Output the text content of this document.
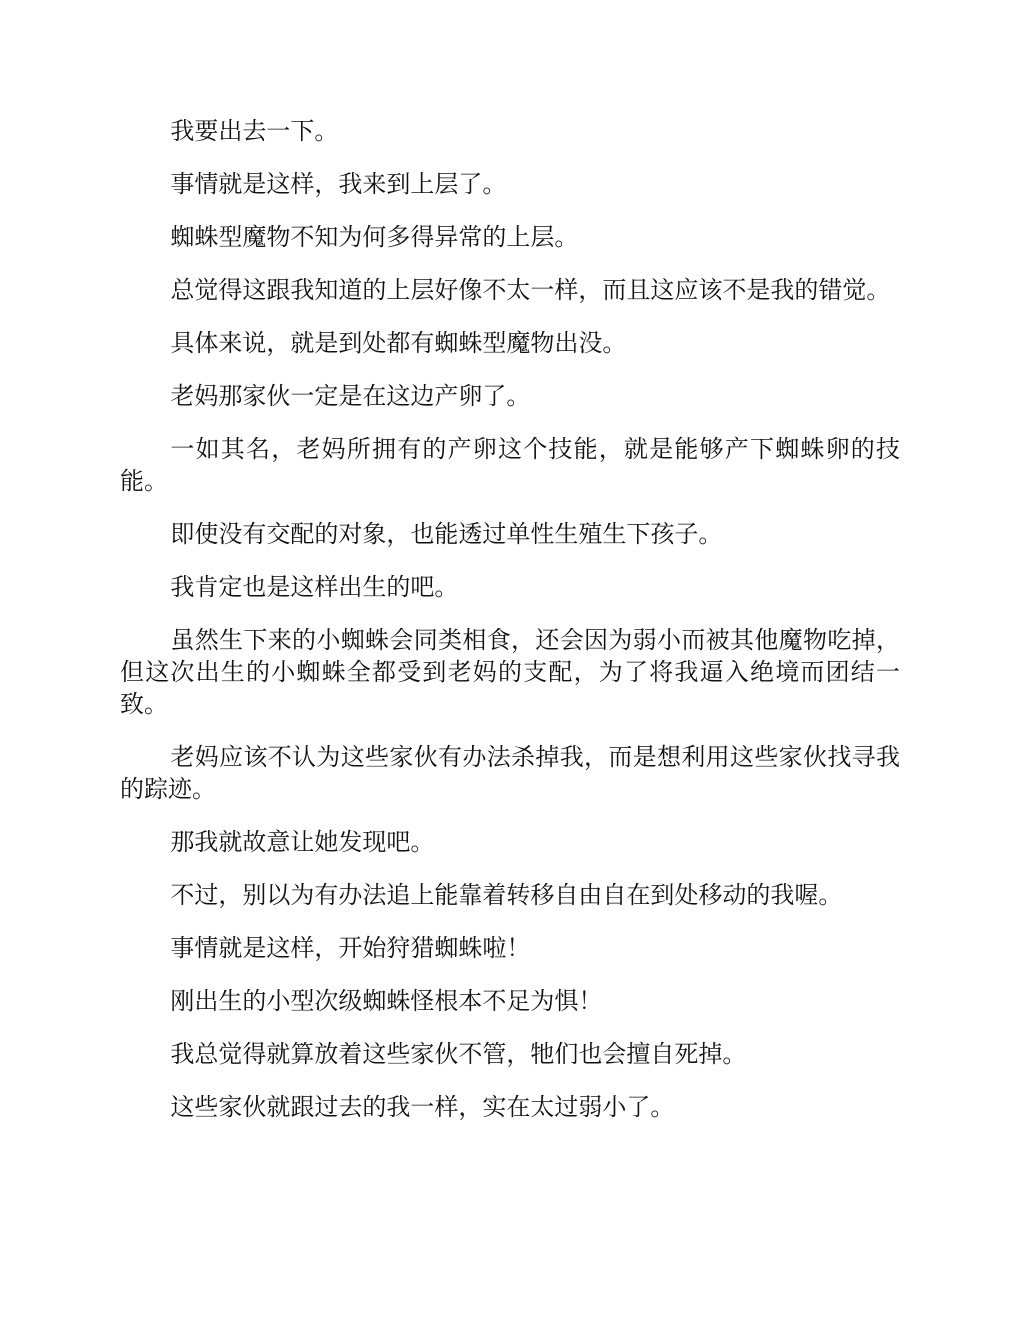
我要出去一下。

事情就是这样，我来到上层了。

蜘蛛型魔物不知为何多得异常的上层。

总觉得这跟我知道的上层好像不太一样，而且这应该不是我的错觉。

具体来说，就是到处都有蜘蛛型魔物出没。

老妈那家伙一定是在这边产卵了。

一如其名，老妈所拥有的产卵这个技能，就是能够产下蜘蛛卵的技能。

即使没有交配的对象，也能透过单性生殖生下孩子。

我肯定也是这样出生的吧。

虽然生下来的小蜘蛛会同类相食，还会因为弱小而被其他魔物吃掉，但这次出生的小蜘蛛全都受到老妈的支配，为了将我逼入绝境而团结一致。

老妈应该不认为这些家伙有办法杀掉我，而是想利用这些家伙找寻我的踪迹。

那我就故意让她发现吧。

不过，别以为有办法追上能靠着转移自由自在到处移动的我喔。

事情就是这样，开始狩猎蜘蛛啦！

刚出生的小型次级蜘蛛怪根本不足为惧！

我总觉得就算放着这些家伙不管，牠们也会擅自死掉。

这些家伙就跟过去的我一样，实在太过弱小了。
